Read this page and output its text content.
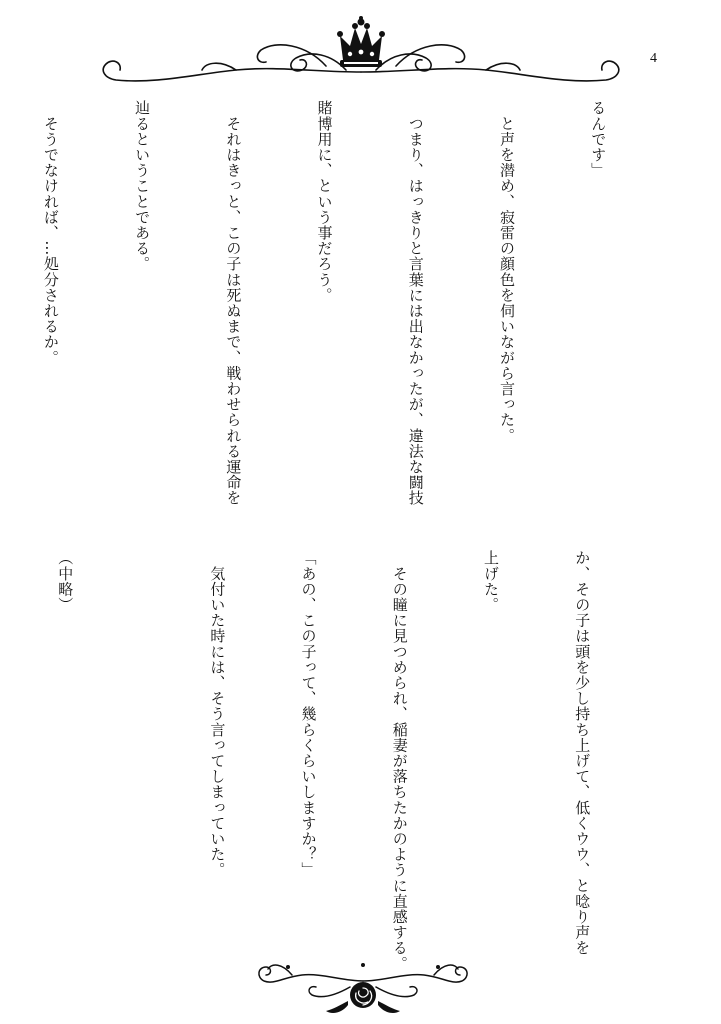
4

るんです」

　と声を潜め、寂雷の顔色を伺いながら言った。

　つまり、はっきりと言葉には出なかったが、違法な闘技

賭博用に、という事だろう。

　それはきっと、この子は死ぬまで、戦わせられる運命を

辿るということである。

　そうでなければ、…処分されるか。

か、その子は頭を少し持ち上げて、低くウウ、と唸り声を

上げた。

　その瞳に見つめられ、稲妻が落ちたかのように直感する。

「あの、この子って、幾らくらいしますか？」

　気付いた時には、そう言ってしまっていた。

（中略）
